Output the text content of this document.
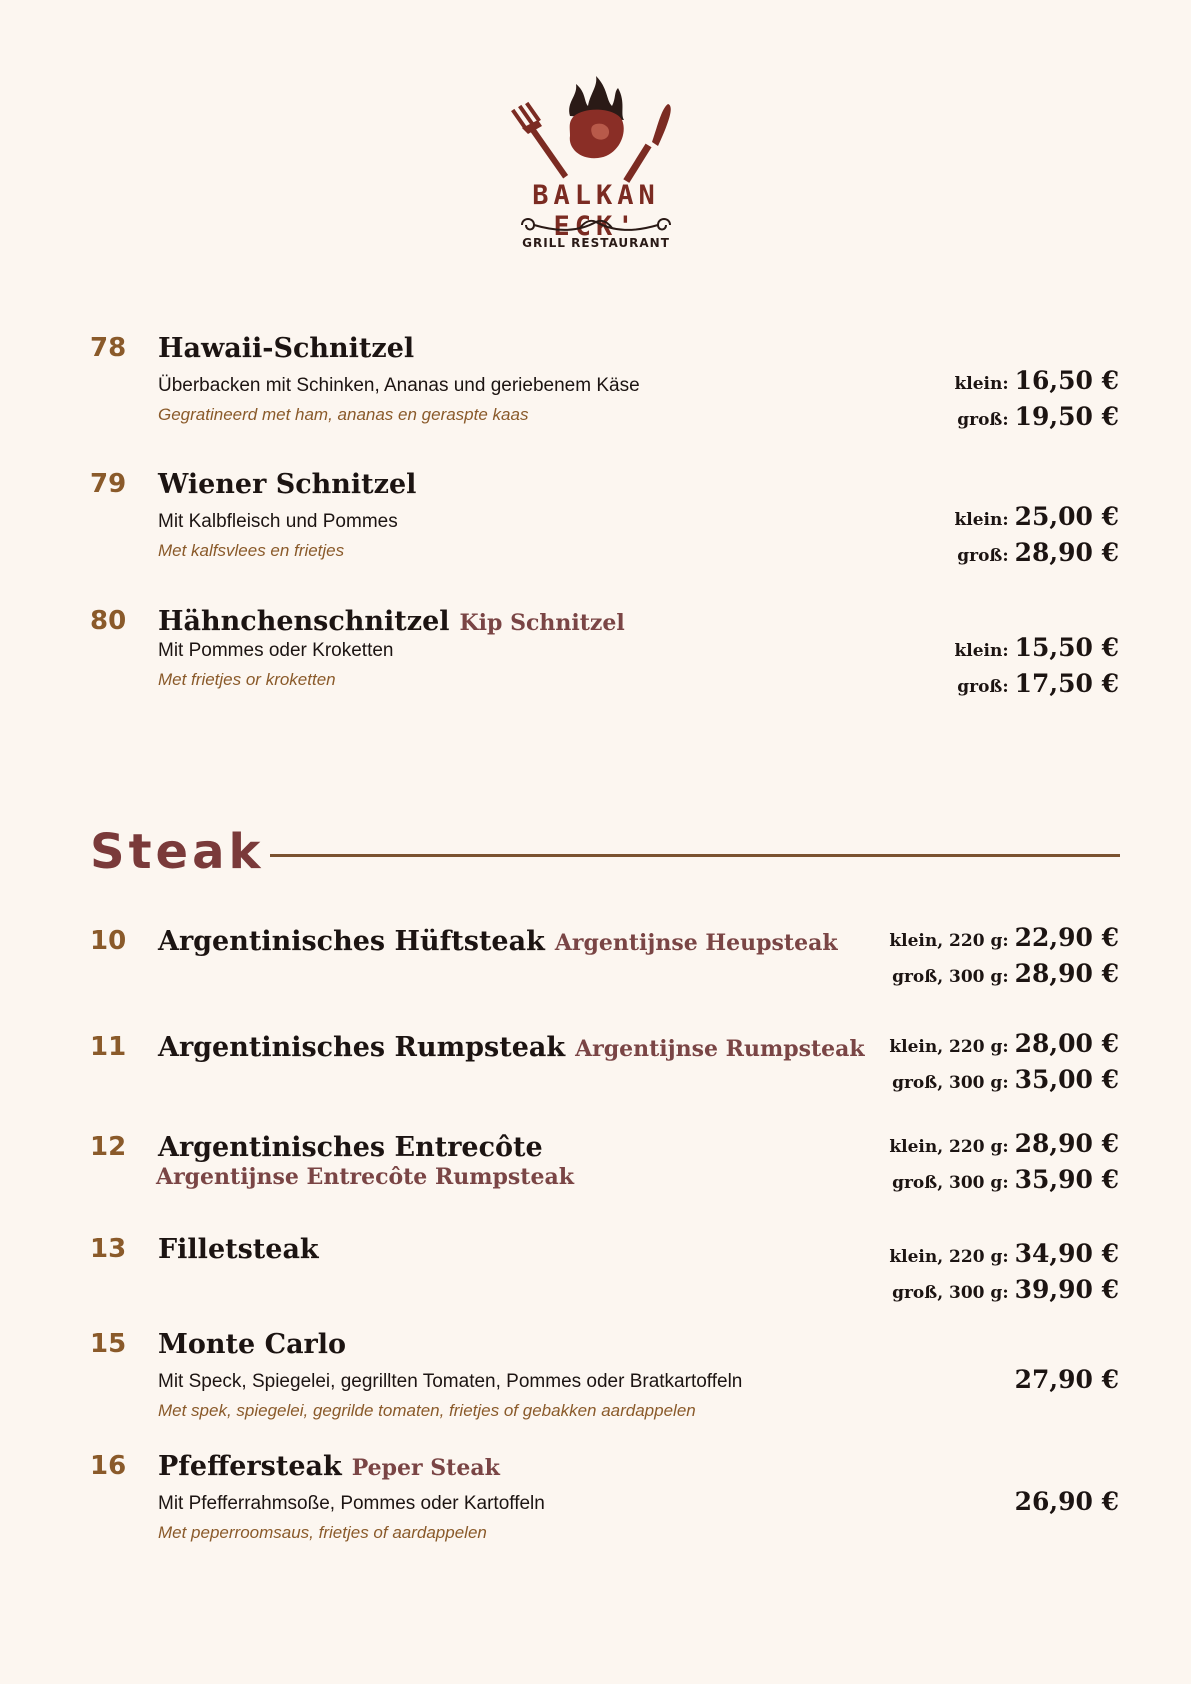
BALKAN ECK'
GRILL RESTAURANT
78 Hawaii-Schnitzel
Überbacken mit Schinken, Ananas und geriebenem Käse
Gegratineerd met ham, ananas en geraspte kaas
klein: 16,50 €
groß: 19,50 €
79 Wiener Schnitzel
Mit Kalbfleisch und Pommes
Met kalfsvlees en frietjes
klein: 25,00 €
groß: 28,90 €
80 Hähnchenschnitzel Kip Schnitzel
Mit Pommes oder Kroketten
Met frietjes or kroketten
klein: 15,50 €
groß: 17,50 €
Steak
10 Argentinisches Hüftsteak Argentijnse Heupsteak	klein, 220 g: 22,90 €
groß, 300 g: 28,90 €
11 Argentinisches Rumpsteak Argentijnse Rumpsteak klein, 220 g: 28,00 €
groß, 300 g: 35,00 €
12 Argentinisches Entrecôte
Argentijnse Entrecôte Rumpsteak
klein, 220 g: 28,90 €
groß, 300 g: 35,90 €
13 Filletsteak	klein, 220 g: 34,90 €
groß, 300 g: 39,90 €
15 Monte Carlo
Mit Speck, Spiegelei, gegrillten Tomaten, Pommes oder Bratkartoffeln
Met spek, spiegelei, gegrilde tomaten, frietjes of gebakken aardappelen
27,90 €
16 Pfeffersteak Peper Steak
Mit Pfefferrahmsoße, Pommes oder Kartoffeln
Met peperroomsaus, frietjes of aardappelen
26,90 €
